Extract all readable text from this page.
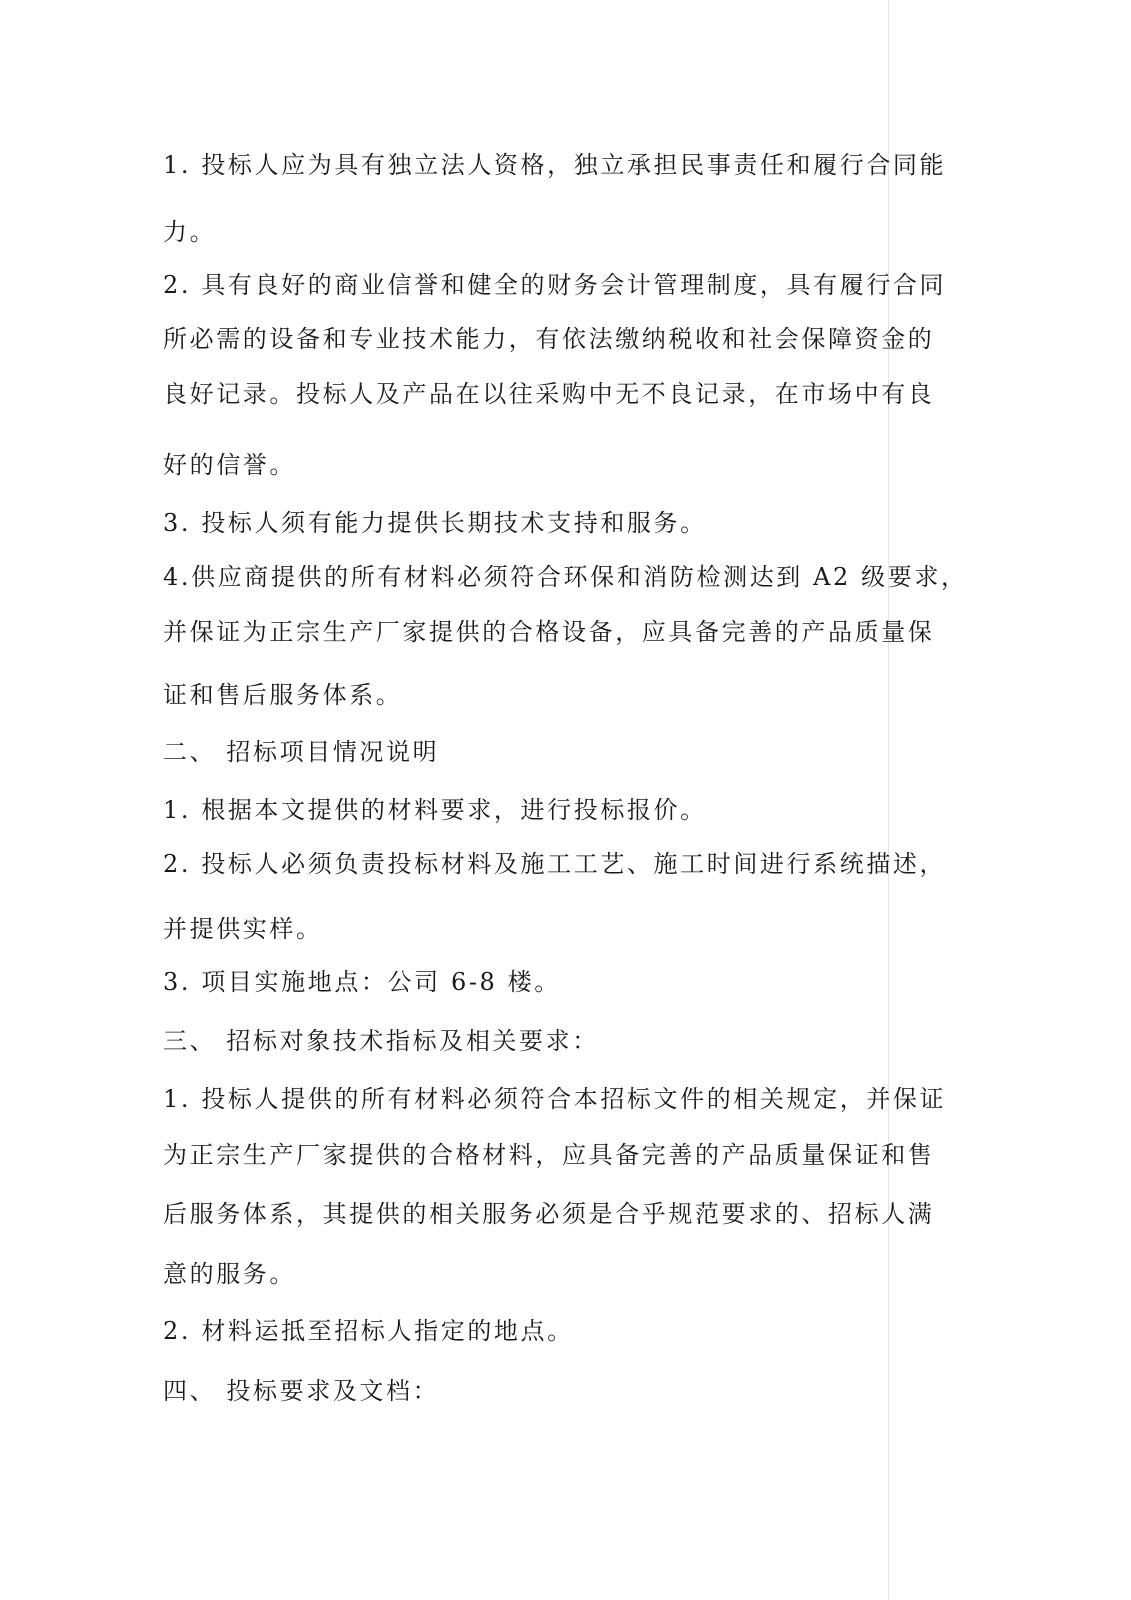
1. 投标人应为具有独立法人资格，独立承担民事责任和履行合同能
力。
2. 具有良好的商业信誉和健全的财务会计管理制度，具有履行合同
所必需的设备和专业技术能力，有依法缴纳税收和社会保障资金的
良好记录。投标人及产品在以往采购中无不良记录，在市场中有良
好的信誉。
3. 投标人须有能力提供长期技术支持和服务。
4.供应商提供的所有材料必须符合环保和消防检测达到 A2 级要求，
并保证为正宗生产厂家提供的合格设备，应具备完善的产品质量保
证和售后服务体系。
二、 招标项目情况说明
1. 根据本文提供的材料要求，进行投标报价。
2. 投标人必须负责投标材料及施工工艺、施工时间进行系统描述，
并提供实样。
3. 项目实施地点：公司 6-8 楼。
三、 招标对象技术指标及相关要求：
1. 投标人提供的所有材料必须符合本招标文件的相关规定，并保证
为正宗生产厂家提供的合格材料，应具备完善的产品质量保证和售
后服务体系，其提供的相关服务必须是合乎规范要求的、招标人满
意的服务。
2. 材料运抵至招标人指定的地点。
四、 投标要求及文档：
